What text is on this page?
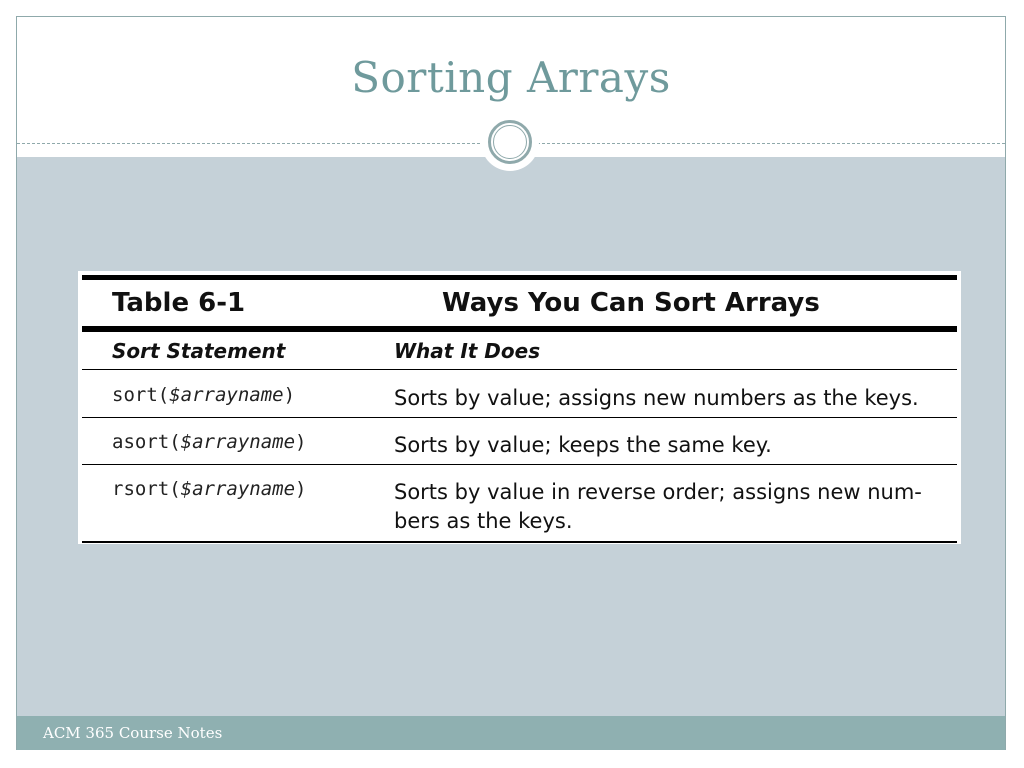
Sorting Arrays
Table 6-1	Ways You Can Sort Arrays
Sort Statement	What It Does
sort($arrayname)	Sorts by value; assigns new numbers as the keys.
asort($arrayname)	Sorts by value; keeps the same key.
rsort($arrayname)	Sorts by value in reverse order; assigns new num-bers as the keys.
ACM 365 Course Notes
